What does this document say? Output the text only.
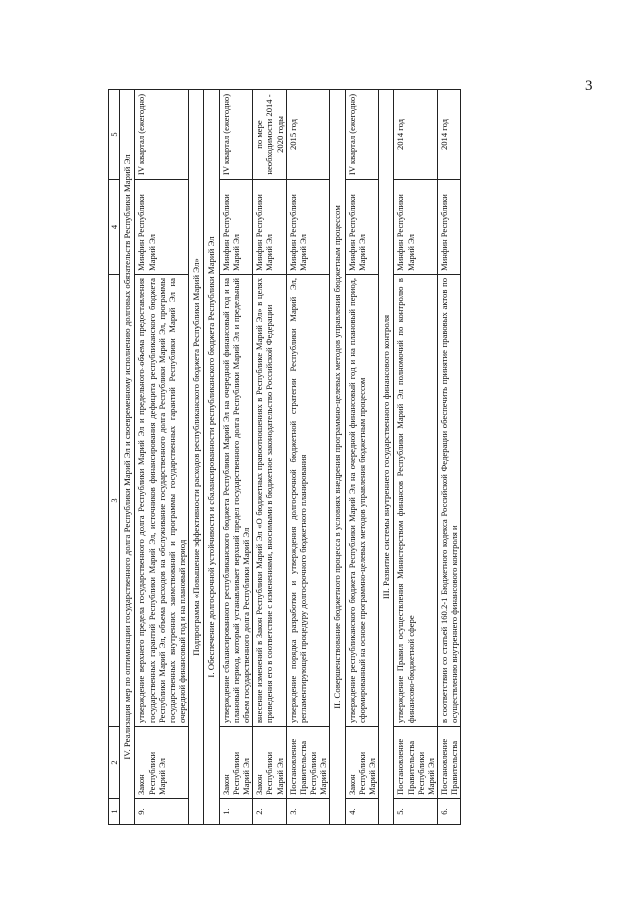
3
1	2	3	4	5
IV. Реализация мер по оптимизации государственного долга Республики Марий Эл и своевременному исполнению долговых обязательств Республики Марий Эл				
9.	Закон Республики Марий Эл	утверждение верхнего предела государственного долга Республики Марий Эл и предельного объема предоставления государственных гарантий Республики Марий Эл, источников финансирования дефицита республиканского бюджета Республики Марий Эл, объема расходов на обслуживание государственного долга Республики Марий Эл, программы государственных внутренних заимствований и программы государственных гарантий Республики Марий Эл на очередной финансовый год и на плановый период	Минфин Республики Марий Эл	IV квартал (ежегодно)
Подпрограмма «Повышение эффективности расходов республиканского бюджета Республики Марий Эл»				
I. Обеспечение долгосрочной устойчивости и сбалансированности республиканского бюджета Республики Марий Эл				
1.	Закон Республики Марий Эл	утверждение сбалансированного республиканского бюджета Республики Марий Эл на очередной финансовый год и на плановый период, который устанавливает верхний предел государственного долга Республики Марий Эл и предельный объем государственного долга Республики Марий Эл	Минфин Республики Марий Эл	IV квартал (ежегодно)
2.	Закон Республики Марий Эл	внесение изменений в Закон Республики Марий Эл «О бюджетных правоотношениях в Республике Марий Эл» в целях приведения его в соответствие с изменениями, вносимыми в бюджетное законодательство Российской Федерации	Минфин Республики Марий Эл	по мере необходимости 2014 - 2020 годы
3.	Постановление Правительства Республики Марий Эл	утверждение порядка разработки и утверждения долгосрочной бюджетной стратегии Республики Марий Эл, регламентирующей процедуру долгосрочного бюджетного планирования	Минфин Республики Марий Эл	2015 год
II. Совершенствование бюджетного процесса в условиях внедрения программно-целевых методов управления бюджетным процессом				
4.	Закон Республики Марий Эл	утверждение республиканского бюджета Республики Марий Эл на очередной финансовый год и на плановый период, сформированный на основе программно-целевых методов управления бюджетным процессом	Минфин Республики Марий Эл	IV квартал (ежегодно)
III. Развитие системы внутреннего государственного финансового контроля				
5.	Постановление Правительства Республики Марий Эл	утверждение Правил осуществления Министерством финансов Республики Марий Эл полномочий по контролю в финансово-бюджетной сфере	Минфин Республики Марий Эл	2014 год
6.	Постановление Правительства	в соответствии со статьей 160.2-1 Бюджетного кодекса Российской Федерации обеспечить принятие правовых актов по осуществлению внутреннего финансового контроля и	Минфин Республики	2014 год
